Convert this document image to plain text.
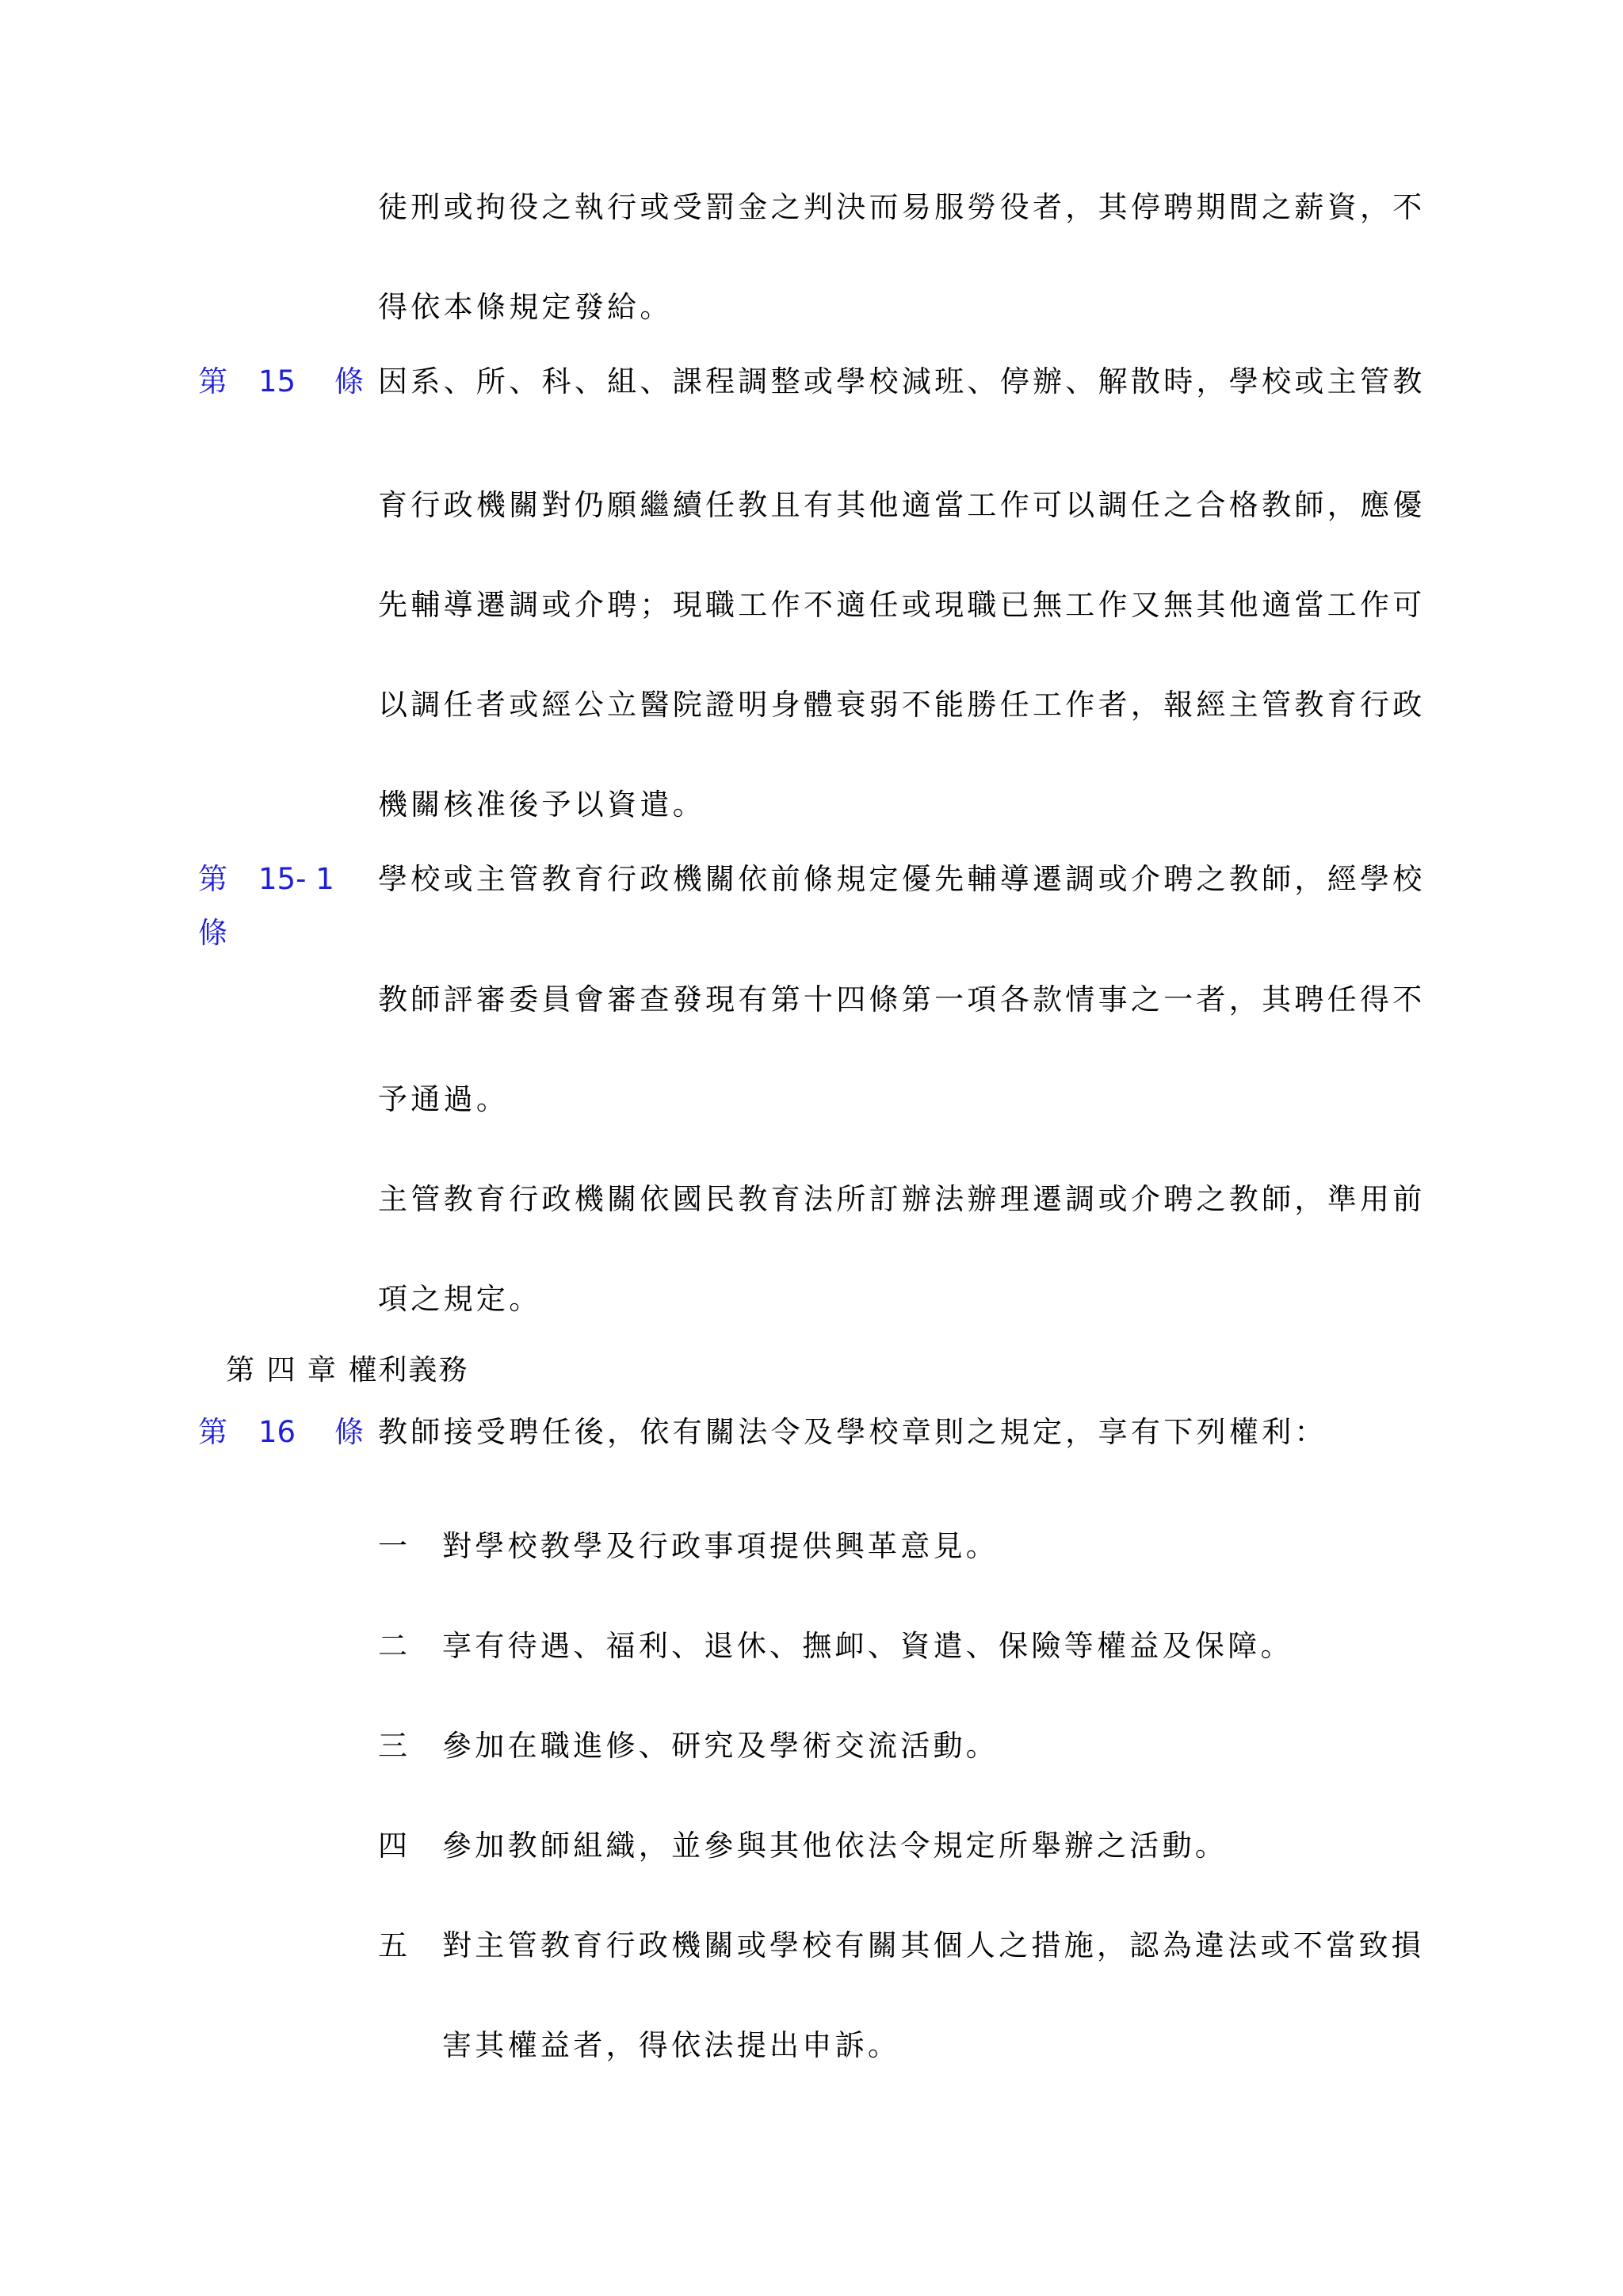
徒刑或拘役之執行或受罰金之判決而易服勞役者，其停聘期間之薪資，不
得依本條規定發給。
第 15 條 因系、所、科、組、課程調整或學校減班、停辦、解散時，學校或主管教
育行政機關對仍願繼續任教且有其他適當工作可以調任之合格教師，應優
先輔導遷調或介聘；現職工作不適任或現職已無工作又無其他適當工作可
以調任者或經公立醫院證明身體衰弱不能勝任工作者，報經主管教育行政
機關核准後予以資遣。
第 15- 1
條
學校或主管教育行政機關依前條規定優先輔導遷調或介聘之教師，經學校
教師評審委員會審查發現有第十四條第一項各款情事之一者，其聘任得不
予通過。
主管教育行政機關依國民教育法所訂辦法辦理遷調或介聘之教師，準用前
項之規定。
第 四 章 權利義務
第 16 條 教師接受聘任後，依有關法令及學校章則之規定，享有下列權利：
一 對學校教學及行政事項提供興革意見。
二 享有待遇、福利、退休、撫卹、資遣、保險等權益及保障。
三 參加在職進修、研究及學術交流活動。
四 參加教師組織，並參與其他依法令規定所舉辦之活動。
五 對主管教育行政機關或學校有關其個人之措施，認為違法或不當致損
害其權益者，得依法提出申訴。
